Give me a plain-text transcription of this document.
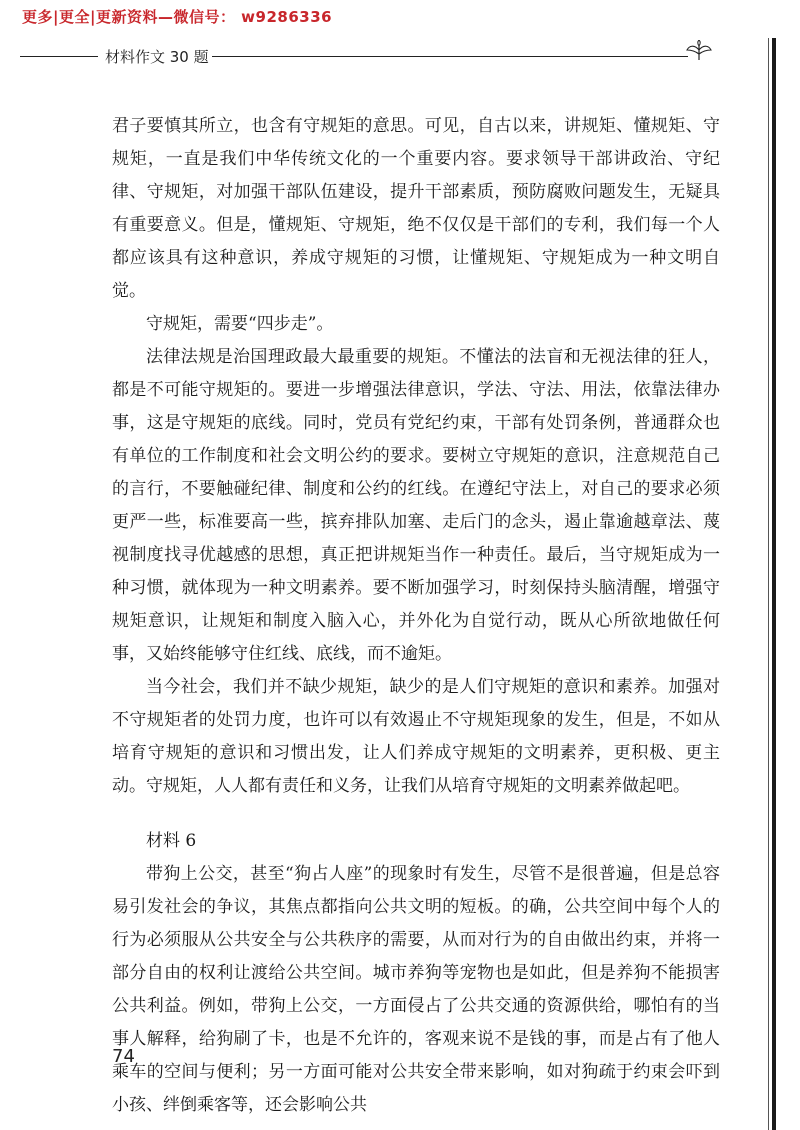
更多|更全|更新资料—微信号： w9286336
材料作文 30 题

君子要慎其所立，也含有守规矩的意思。可见，自古以来，讲规矩、懂规矩、守规矩，一直是我们中华传统文化的一个重要内容。要求领导干部讲政治、守纪律、守规矩，对加强干部队伍建设，提升干部素质，预防腐败问题发生，无疑具有重要意义。但是，懂规矩、守规矩，绝不仅仅是干部们的专利，我们每一个人都应该具有这种意识，养成守规矩的习惯，让懂规矩、守规矩成为一种文明自觉。

守规矩，需要“四步走”。

法律法规是治国理政最大最重要的规矩。不懂法的法盲和无视法律的狂人，都是不可能守规矩的。要进一步增强法律意识，学法、守法、用法，依靠法律办事，这是守规矩的底线。同时，党员有党纪约束，干部有处罚条例，普通群众也有单位的工作制度和社会文明公约的要求。要树立守规矩的意识，注意规范自己的言行，不要触碰纪律、制度和公约的红线。在遵纪守法上，对自己的要求必须更严一些，标准要高一些，摈弃排队加塞、走后门的念头，遏止靠逾越章法、蔑视制度找寻优越感的思想，真正把讲规矩当作一种责任。最后，当守规矩成为一种习惯，就体现为一种文明素养。要不断加强学习，时刻保持头脑清醒，增强守规矩意识，让规矩和制度入脑入心，并外化为自觉行动，既从心所欲地做任何事，又始终能够守住红线、底线，而不逾矩。

当今社会，我们并不缺少规矩，缺少的是人们守规矩的意识和素养。加强对不守规矩者的处罚力度，也许可以有效遏止不守规矩现象的发生，但是，不如从培育守规矩的意识和习惯出发，让人们养成守规矩的文明素养，更积极、更主动。守规矩，人人都有责任和义务，让我们从培育守规矩的文明素养做起吧。

材料 6

带狗上公交，甚至“狗占人座”的现象时有发生，尽管不是很普遍，但是总容易引发社会的争议，其焦点都指向公共文明的短板。的确，公共空间中每个人的行为必须服从公共安全与公共秩序的需要，从而对行为的自由做出约束，并将一部分自由的权利让渡给公共空间。城市养狗等宠物也是如此，但是养狗不能损害公共利益。例如，带狗上公交，一方面侵占了公共交通的资源供给，哪怕有的当事人解释，给狗刷了卡，也是不允许的，客观来说不是钱的事，而是占有了他人乘车的空间与便利；另一方面可能对公共安全带来影响，如对狗疏于约束会吓到小孩、绊倒乘客等，还会影响公共

74
